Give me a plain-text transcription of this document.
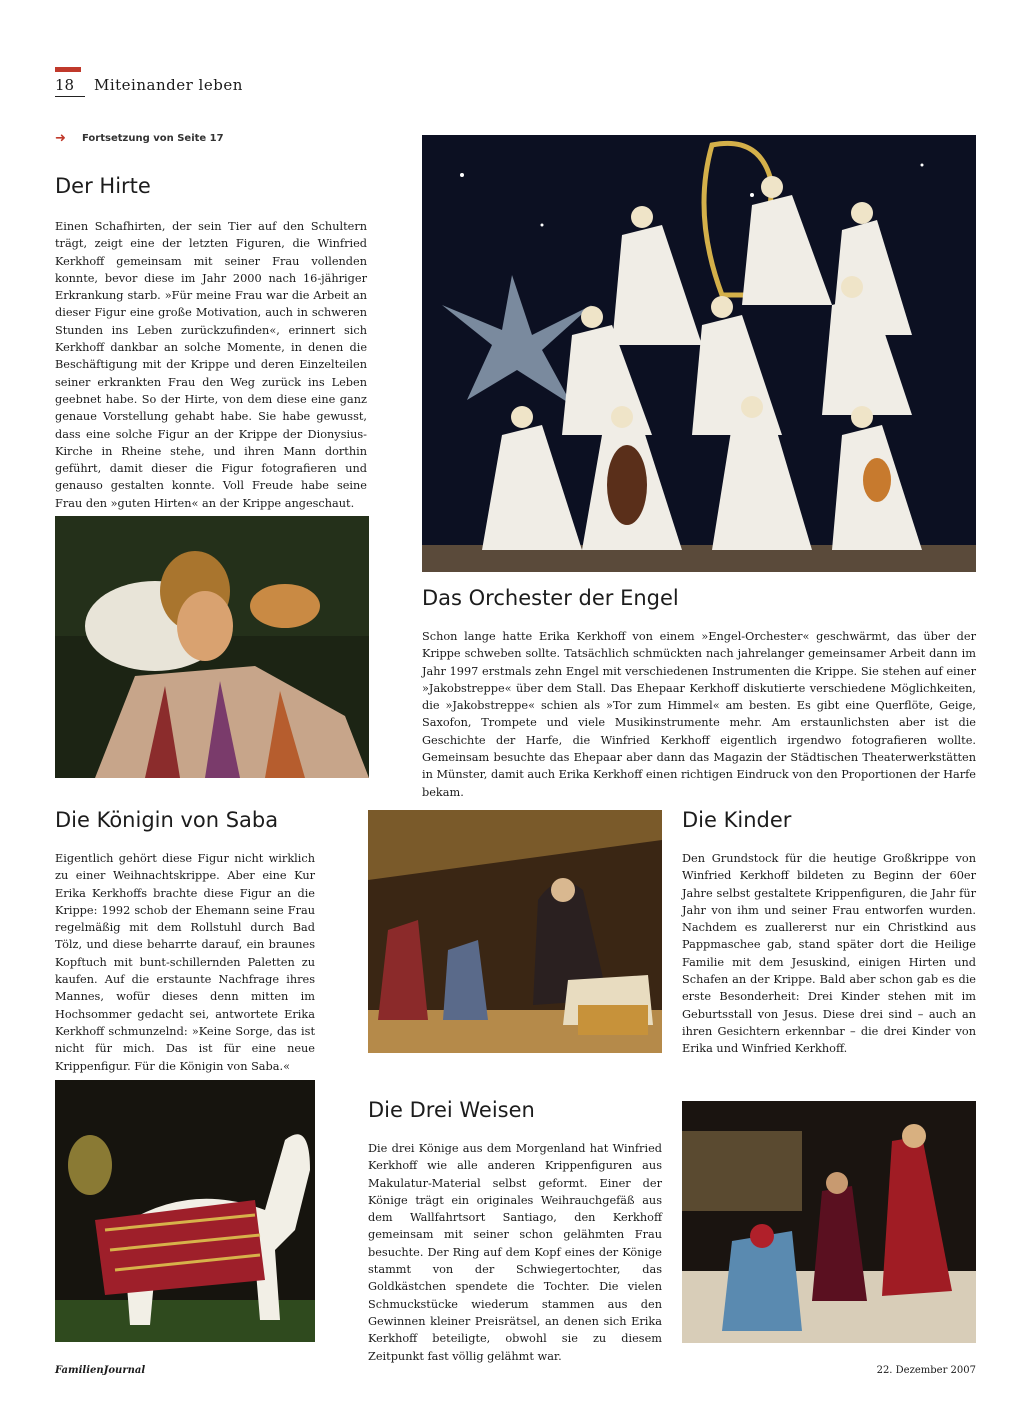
18	Miteinander leben
➜ Fortsetzung von Seite 17
Der Hirte
Einen Schafhirten, der sein Tier auf den Schultern trägt, zeigt eine der letzten Figuren, die Winfried Kerkhoff gemeinsam mit seiner Frau vollenden konnte, bevor diese im Jahr 2000 nach 16-jähriger Erkrankung starb. »Für meine Frau war die Arbeit an dieser Figur eine große Motivation, auch in schweren Stunden ins Leben zurückzufinden«, erinnert sich Kerkhoff dankbar an solche Momente, in denen die Beschäftigung mit der Krippe und deren Einzelteilen seiner erkrankten Frau den Weg zurück ins Leben geebnet habe. So der Hirte, von dem diese eine ganz genaue Vorstellung gehabt habe. Sie habe gewusst, dass eine solche Figur an der Krippe der Dionysius-Kirche in Rheine stehe, und ihren Mann dorthin geführt, damit dieser die Figur fotografieren und genauso gestalten konnte. Voll Freude habe seine Frau den »guten Hirten« an der Krippe angeschaut.
Das Orchester der Engel
Schon lange hatte Erika Kerkhoff von einem »Engel-Orchester« geschwärmt, das über der Krippe schweben sollte. Tatsächlich schmückten nach jahrelanger gemeinsamer Arbeit dann im Jahr 1997 erstmals zehn Engel mit verschiedenen Instrumenten die Krippe. Sie stehen auf einer »Jakobstreppe« über dem Stall. Das Ehepaar Kerkhoff diskutierte verschiedene Möglichkeiten, die »Jakobstreppe« schien als »Tor zum Himmel« am besten. Es gibt eine Querflöte, Geige, Saxofon, Trompete und viele Musikinstrumente mehr. Am erstaunlichsten aber ist die Geschichte der Harfe, die Winfried Kerkhoff eigentlich irgendwo fotografieren wollte. Gemeinsam besuchte das Ehepaar aber dann das Magazin der Städtischen Theaterwerkstätten in Münster, damit auch Erika Kerkhoff einen richtigen Eindruck von den Proportionen der Harfe bekam.
Die Königin von Saba
Eigentlich gehört diese Figur nicht wirklich zu einer Weihnachtskrippe. Aber eine Kur Erika Kerkhoffs brachte diese Figur an die Krippe: 1992 schob der Ehemann seine Frau regelmäßig mit dem Rollstuhl durch Bad Tölz, und diese beharrte darauf, ein braunes Kopftuch mit bunt-schillernden Paletten zu kaufen. Auf die erstaunte Nachfrage ihres Mannes, wofür dieses denn mitten im Hochsommer gedacht sei, antwortete Erika Kerkhoff schmunzelnd: »Keine Sorge, das ist nicht für mich. Das ist für eine neue Krippenfigur. Für die Königin von Saba.«
Die Kinder
Den Grundstock für die heutige Großkrippe von Winfried Kerkhoff bildeten zu Beginn der 60er Jahre selbst gestaltete Krippenfiguren, die Jahr für Jahr von ihm und seiner Frau entworfen wurden. Nachdem es zuallererst nur ein Christkind aus Pappmaschee gab, stand später dort die Heilige Familie mit dem Jesuskind, einigen Hirten und Schafen an der Krippe. Bald aber schon gab es die erste Besonderheit: Drei Kinder stehen mit im Geburtsstall von Jesus. Diese drei sind – auch an ihren Gesichtern erkennbar – die drei Kinder von Erika und Winfried Kerkhoff.
Die Drei Weisen
Die drei Könige aus dem Morgenland hat Winfried Kerkhoff wie alle anderen Krippenfiguren aus Makulatur-Material selbst geformt. Einer der Könige trägt ein originales Weihrauchgefäß aus dem Wallfahrtsort Santiago, den Kerkhoff gemeinsam mit seiner schon gelähmten Frau besuchte. Der Ring auf dem Kopf eines der Könige stammt von der Schwiegertochter, das Goldkästchen spendete die Tochter. Die vielen Schmuckstücke wiederum stammen aus den Gewinnen kleiner Preisrätsel, an denen sich Erika Kerkhoff beteiligte, obwohl sie zu diesem Zeitpunkt fast völlig gelähmt war.
FamilienJournal	22. Dezember 2007
